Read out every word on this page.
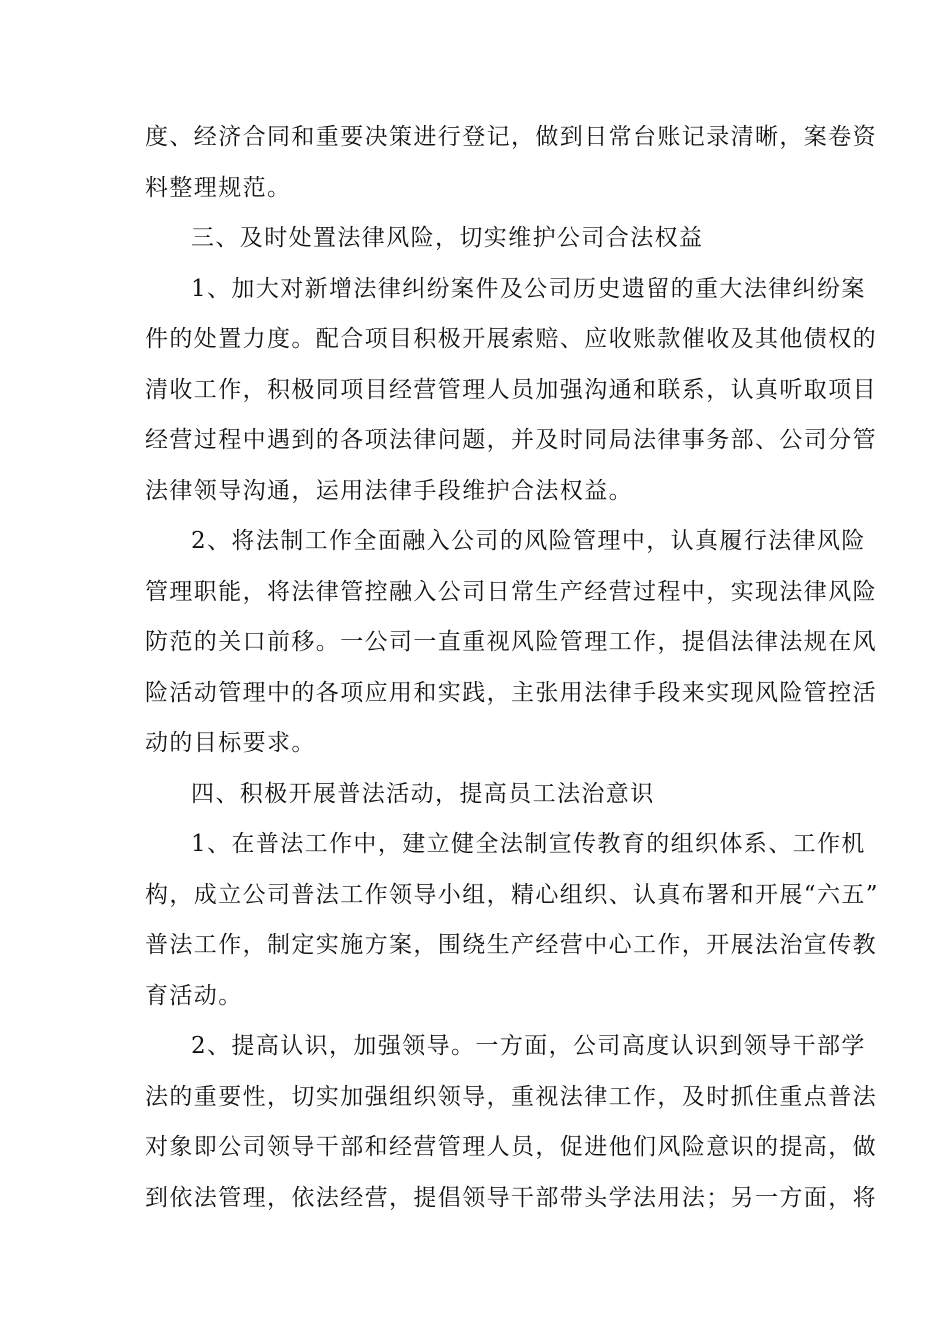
度、经济合同和重要决策进行登记，做到日常台账记录清晰，案卷资
料整理规范。

三、及时处置法律风险，切实维护公司合法权益

1、加大对新增法律纠纷案件及公司历史遗留的重大法律纠纷案
件的处置力度。配合项目积极开展索赔、应收账款催收及其他债权的
清收工作，积极同项目经营管理人员加强沟通和联系，认真听取项目
经营过程中遇到的各项法律问题，并及时同局法律事务部、公司分管
法律领导沟通，运用法律手段维护合法权益。

2、将法制工作全面融入公司的风险管理中，认真履行法律风险
管理职能，将法律管控融入公司日常生产经营过程中，实现法律风险
防范的关口前移。一公司一直重视风险管理工作，提倡法律法规在风
险活动管理中的各项应用和实践，主张用法律手段来实现风险管控活
动的目标要求。

四、积极开展普法活动，提高员工法治意识

1、在普法工作中，建立健全法制宣传教育的组织体系、工作机
构，成立公司普法工作领导小组，精心组织、认真布署和开展“六五”
普法工作，制定实施方案，围绕生产经营中心工作，开展法治宣传教
育活动。

2、提高认识，加强领导。一方面，公司高度认识到领导干部学
法的重要性，切实加强组织领导，重视法律工作，及时抓住重点普法
对象即公司领导干部和经营管理人员，促进他们风险意识的提高，做
到依法管理，依法经营，提倡领导干部带头学法用法；另一方面，将
